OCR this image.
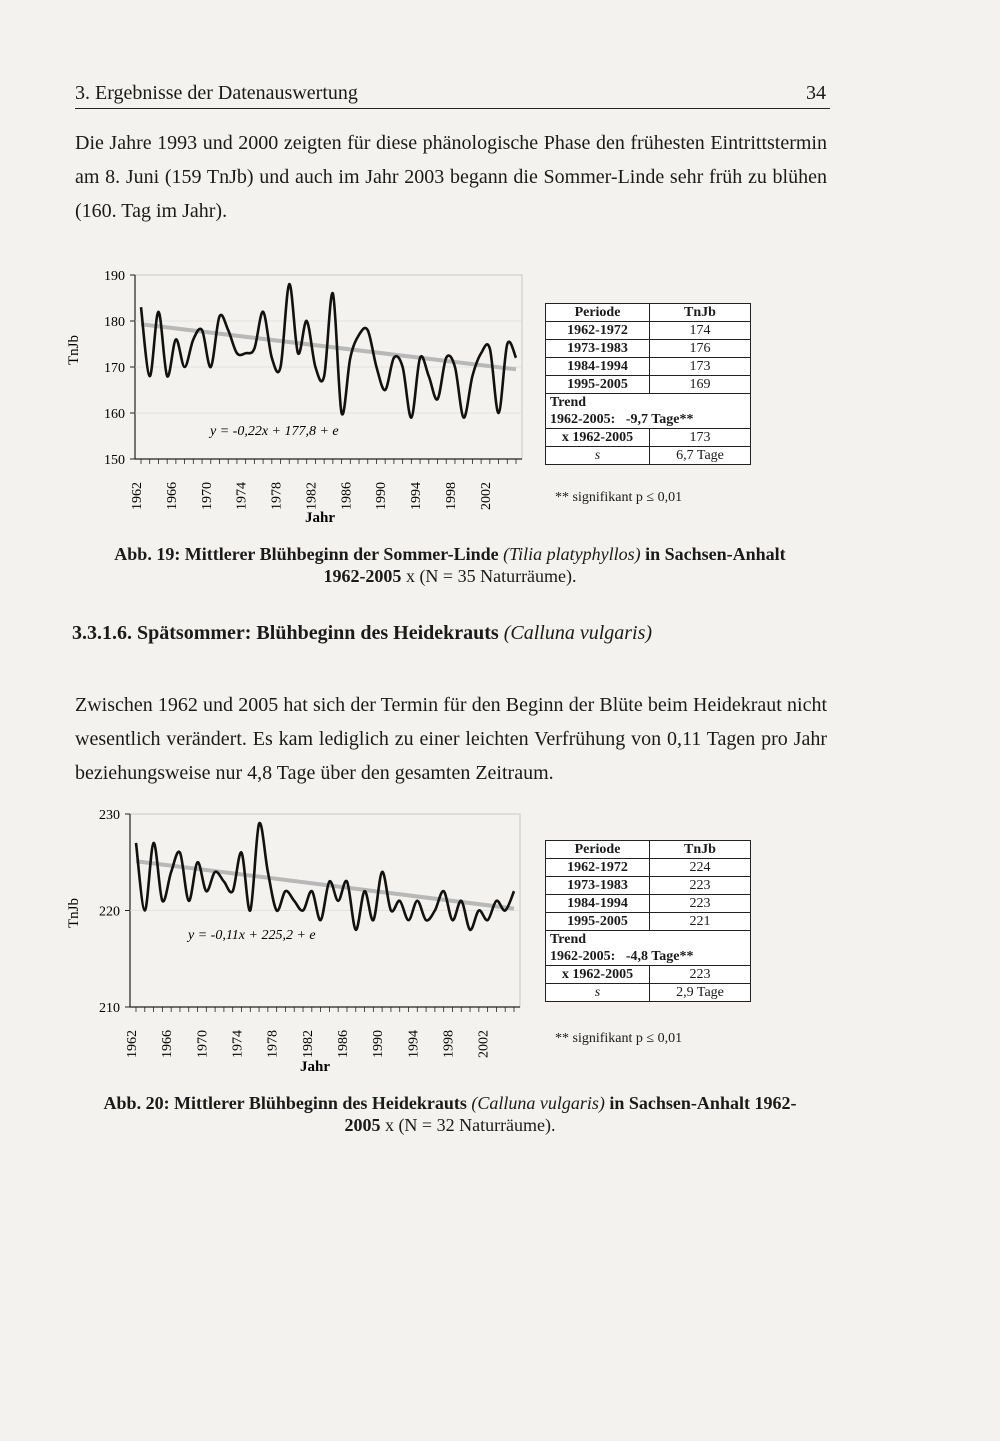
3. Ergebnisse der Datenauswertung	34
Die Jahre 1993 und 2000 zeigten für diese phänologische Phase den frühesten Eintrittstermin am 8. Juni (159 TnJb) und auch im Jahr 2003 begann die Sommer-Linde sehr früh zu blühen (160. Tag im Jahr).
TnJb
Jahr
y = -0,22x + 177,8 + e
150
160
170
180
190
1962 1966 1970 1974 1978 1982 1986 1990 1994 1998 2002
Periode	TnJb
1962-1972	174
1973-1983	176
1984-1994	173
1995-2005	169

Trend
1962-2005: -9,7 Tage**	

x 1962-2005	173
s	6,7 Tage
** signifikant p ≤ 0,01
Abb. 19: Mittlerer Blühbeginn der Sommer-Linde (Tilia platyphyllos) in Sachsen-Anhalt
1962-2005 x (N = 35 Naturräume).
3.3.1.6. Spätsommer: Blühbeginn des Heidekrauts (Calluna vulgaris)
Zwischen 1962 und 2005 hat sich der Termin für den Beginn der Blüte beim Heidekraut nicht wesentlich verändert. Es kam lediglich zu einer leichten Verfrühung von 0,11 Tagen pro Jahr beziehungsweise nur 4,8 Tage über den gesamten Zeitraum.
TnJb
Jahr
y = -0,11x + 225,2 + e
210
220
230
1962 1966 1970 1974 1978 1982 1986 1990 1994 1998 2002
Periode	TnJb
1962-1972	224
1973-1983	223
1984-1994	223
1995-2005	221

Trend
1962-2005: -4,8 Tage**	

x 1962-2005	223
s	2,9 Tage
** signifikant p ≤ 0,01
Abb. 20: Mittlerer Blühbeginn des Heidekrauts (Calluna vulgaris) in Sachsen-Anhalt 1962-
2005 x (N = 32 Naturräume).
